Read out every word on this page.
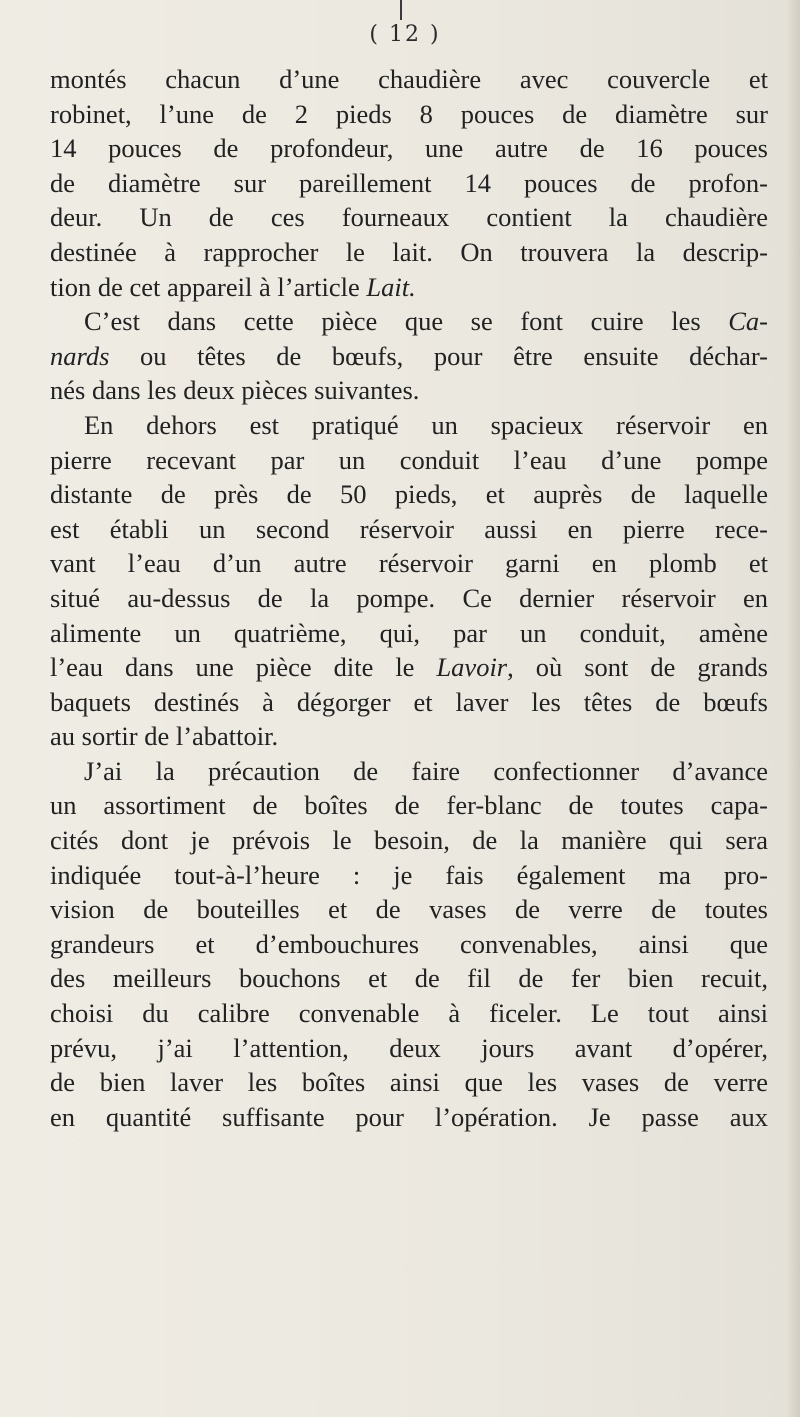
( 12 )
montés chacun d’une chaudière avec couvercle et
robinet, l’une de 2 pieds 8 pouces de diamètre sur
14 pouces de profondeur, une autre de 16 pouces
de diamètre sur pareillement 14 pouces de profon-
deur. Un de ces fourneaux contient la chaudière
destinée à rapprocher le lait. On trouvera la descrip-
tion de cet appareil à l’article Lait.
C’est dans cette pièce que se font cuire les Ca-
nards ou têtes de bœufs, pour être ensuite déchar-
nés dans les deux pièces suivantes.
En dehors est pratiqué un spacieux réservoir en
pierre recevant par un conduit l’eau d’une pompe
distante de près de 50 pieds, et auprès de laquelle
est établi un second réservoir aussi en pierre rece-
vant l’eau d’un autre réservoir garni en plomb et
situé au-dessus de la pompe. Ce dernier réservoir en
alimente un quatrième, qui, par un conduit, amène
l’eau dans une pièce dite le Lavoir, où sont de grands
baquets destinés à dégorger et laver les têtes de bœufs
au sortir de l’abattoir.
J’ai la précaution de faire confectionner d’avance
un assortiment de boîtes de fer-blanc de toutes capa-
cités dont je prévois le besoin, de la manière qui sera
indiquée tout-à-l’heure : je fais également ma pro-
vision de bouteilles et de vases de verre de toutes
grandeurs et d’embouchures convenables, ainsi que
des meilleurs bouchons et de fil de fer bien recuit,
choisi du calibre convenable à ficeler. Le tout ainsi
prévu, j’ai l’attention, deux jours avant d’opérer,
de bien laver les boîtes ainsi que les vases de verre
en quantité suffisante pour l’opération. Je passe aux
